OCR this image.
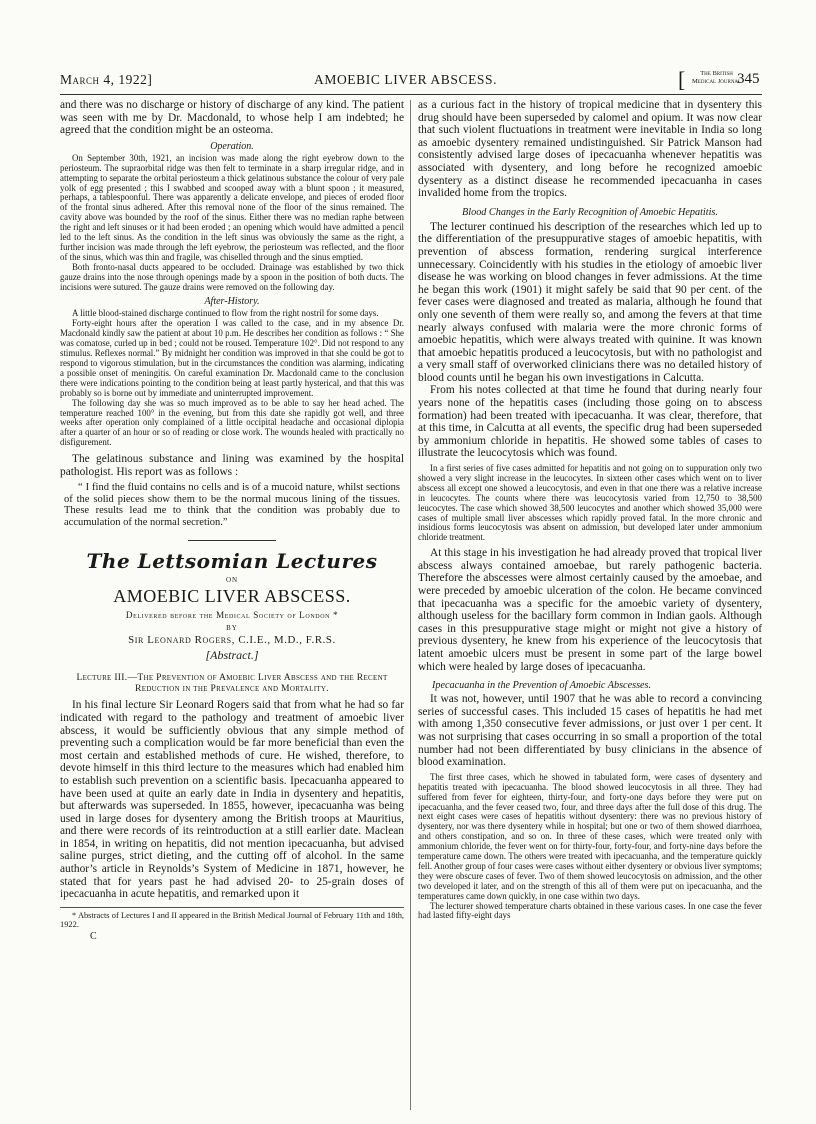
March 4, 1922]	AMOEBIC LIVER ABSCESS.	[	The British
Medical Journal
345

and there was no discharge or history of discharge of any kind. The patient was seen with me by Dr. Macdonald, to whose help I am indebted; he agreed that the condition might be an osteoma.

Operation.

On September 30th, 1921, an incision was made along the right eyebrow down to the periosteum. The supraorbital ridge was then felt to terminate in a sharp irregular ridge, and in attempting to separate the orbital periosteum a thick gelatinous substance the colour of very pale yolk of egg presented ; this I swabbed and scooped away with a blunt spoon ; it measured, perhaps, a tablespoonful. There was apparently a delicate envelope, and pieces of eroded floor of the frontal sinus adhered. After this removal none of the floor of the sinus remained. The cavity above was bounded by the roof of the sinus. Either there was no median raphe between the right and left sinuses or it had been eroded ; an opening which would have admitted a pencil led to the left sinus. As the condition in the left sinus was obviously the same as the right, a further incision was made through the left eyebrow, the periosteum was reflected, and the floor of the sinus, which was thin and fragile, was chiselled through and the sinus emptied.

Both fronto-nasal ducts appeared to be occluded. Drainage was established by two thick gauze drains into the nose through openings made by a spoon in the position of both ducts. The incisions were sutured. The gauze drains were removed on the following day.

After-History.

A little blood-stained discharge continued to flow from the right nostril for some days.

Forty-eight hours after the operation I was called to the case, and in my absence Dr. Macdonald kindly saw the patient at about 10 p.m. He describes her condition as follows : “ She was comatose, curled up in bed ; could not be roused. Temperature 102°. Did not respond to any stimulus. Reflexes normal.” By midnight her condition was improved in that she could be got to respond to vigorous stimulation, but in the circumstances the condition was alarming, indicating a possible onset of meningitis. On careful examination Dr. Macdonald came to the conclusion there were indications pointing to the condition being at least partly hysterical, and that this was probably so is borne out by immediate and uninterrupted improvement.

The following day she was so much improved as to be able to say her head ached. The temperature reached 100° in the evening, but from this date she rapidly got well, and three weeks after operation only complained of a little occipital headache and occasional diplopia after a quarter of an hour or so of reading or close work. The wounds healed with practically no disfigurement.

The gelatinous substance and lining was examined by the hospital pathologist. His report was as follows :

“ I find the fluid contains no cells and is of a mucoid nature, whilst sections of the solid pieces show them to be the normal mucous lining of the tissues. These results lead me to think that the condition was probably due to accumulation of the normal secretion.”

The Lettsomian Lectures
ON
AMOEBIC LIVER ABSCESS.
Delivered before the Medical Society of London *
BY
Sir Leonard Rogers, C.I.E., M.D., F.R.S.
[Abstract.]
Lecture III.—The Prevention of Amoebic Liver Abscess and the Recent Reduction in the Prevalence and Mortality.

In his final lecture Sir Leonard Rogers said that from what he had so far indicated with regard to the pathology and treatment of amoebic liver abscess, it would be sufficiently obvious that any simple method of preventing such a complication would be far more beneficial than even the most certain and established methods of cure. He wished, therefore, to devote himself in this third lecture to the measures which had enabled him to establish such prevention on a scientific basis. Ipecacuanha appeared to have been used at quite an early date in India in dysentery and hepatitis, but afterwards was superseded. In 1855, however, ipecacuanha was being used in large doses for dysentery among the British troops at Mauritius, and there were records of its reintroduction at a still earlier date. Maclean in 1854, in writing on hepatitis, did not mention ipecacuanha, but advised saline purges, strict dieting, and the cutting off of alcohol. In the same author’s article in Reynolds’s System of Medicine in 1871, however, he stated that for years past he had advised 20- to 25-grain doses of ipecacuanha in acute hepatitis, and remarked upon it

* Abstracts of Lectures I and II appeared in the British Medical Journal of February 11th and 18th, 1922.

C

as a curious fact in the history of tropical medicine that in dysentery this drug should have been superseded by calomel and opium. It was now clear that such violent fluctuations in treatment were inevitable in India so long as amoebic dysentery remained undistinguished. Sir Patrick Manson had consistently advised large doses of ipecacuanha whenever hepatitis was associated with dysentery, and long before he recognized amoebic dysentery as a distinct disease he recommended ipecacuanha in cases invalided home from the tropics.

Blood Changes in the Early Recognition of Amoebic Hepatitis.

The lecturer continued his description of the researches which led up to the differentiation of the presuppurative stages of amoebic hepatitis, with prevention of abscess formation, rendering surgical interference unnecessary. Coincidently with his studies in the etiology of amoebic liver disease he was working on blood changes in fever admissions. At the time he began this work (1901) it might safely be said that 90 per cent. of the fever cases were diagnosed and treated as malaria, although he found that only one seventh of them were really so, and among the fevers at that time nearly always confused with malaria were the more chronic forms of amoebic hepatitis, which were always treated with quinine. It was known that amoebic hepatitis produced a leucocytosis, but with no pathologist and a very small staff of overworked clinicians there was no detailed history of blood counts until he began his own investigations in Calcutta.

From his notes collected at that time he found that during nearly four years none of the hepatitis cases (including those going on to abscess formation) had been treated with ipecacuanha. It was clear, therefore, that at this time, in Calcutta at all events, the specific drug had been superseded by ammonium chloride in hepatitis. He showed some tables of cases to illustrate the leucocytosis which was found.

In a first series of five cases admitted for hepatitis and not going on to suppuration only two showed a very slight increase in the leucocytes. In sixteen other cases which went on to liver abscess all except one showed a leucocytosis, and even in that one there was a relative increase in leucocytes. The counts where there was leucocytosis varied from 12,750 to 38,500 leucocytes. The case which showed 38,500 leucocytes and another which showed 35,000 were cases of multiple small liver abscesses which rapidly proved fatal. In the more chronic and insidious forms leucocytosis was absent on admission, but developed later under ammonium chloride treatment.

At this stage in his investigation he had already proved that tropical liver abscess always contained amoebae, but rarely pathogenic bacteria. Therefore the abscesses were almost certainly caused by the amoebae, and were preceded by amoebic ulceration of the colon. He became convinced that ipecacuanha was a specific for the amoebic variety of dysentery, although useless for the bacillary form common in Indian gaols. Although cases in this presuppurative stage might or might not give a history of previous dysentery, he knew from his experience of the leucocytosis that latent amoebic ulcers must be present in some part of the large bowel which were healed by large doses of ipecacuanha.

Ipecacuanha in the Prevention of Amoebic Abscesses.

It was not, however, until 1907 that he was able to record a convincing series of successful cases. This included 15 cases of hepatitis he had met with among 1,350 consecutive fever admissions, or just over 1 per cent. It was not surprising that cases occurring in so small a proportion of the total number had not been differentiated by busy clinicians in the absence of blood examination.

The first three cases, which he showed in tabulated form, were cases of dysentery and hepatitis treated with ipecacuanha. The blood showed leucocytosis in all three. They had suffered from fever for eighteen, thirty-four, and forty-one days before they were put on ipecacuanha, and the fever ceased two, four, and three days after the full dose of this drug. The next eight cases were cases of hepatitis without dysentery: there was no previous history of dysentery, nor was there dysentery while in hospital; but one or two of them showed diarrhoea, and others constipation, and so on. In three of these cases, which were treated only with ammonium chloride, the fever went on for thirty-four, forty-four, and forty-nine days before the temperature came down. The others were treated with ipecacuanha, and the temperature quickly fell. Another group of four cases were cases without either dysentery or obvious liver symptoms; they were obscure cases of fever. Two of them showed leucocytosis on admission, and the other two developed it later, and on the strength of this all of them were put on ipecacuanha, and the temperatures came down quickly, in one case within two days.

The lecturer showed temperature charts obtained in these various cases. In one case the fever had lasted fifty-eight days
